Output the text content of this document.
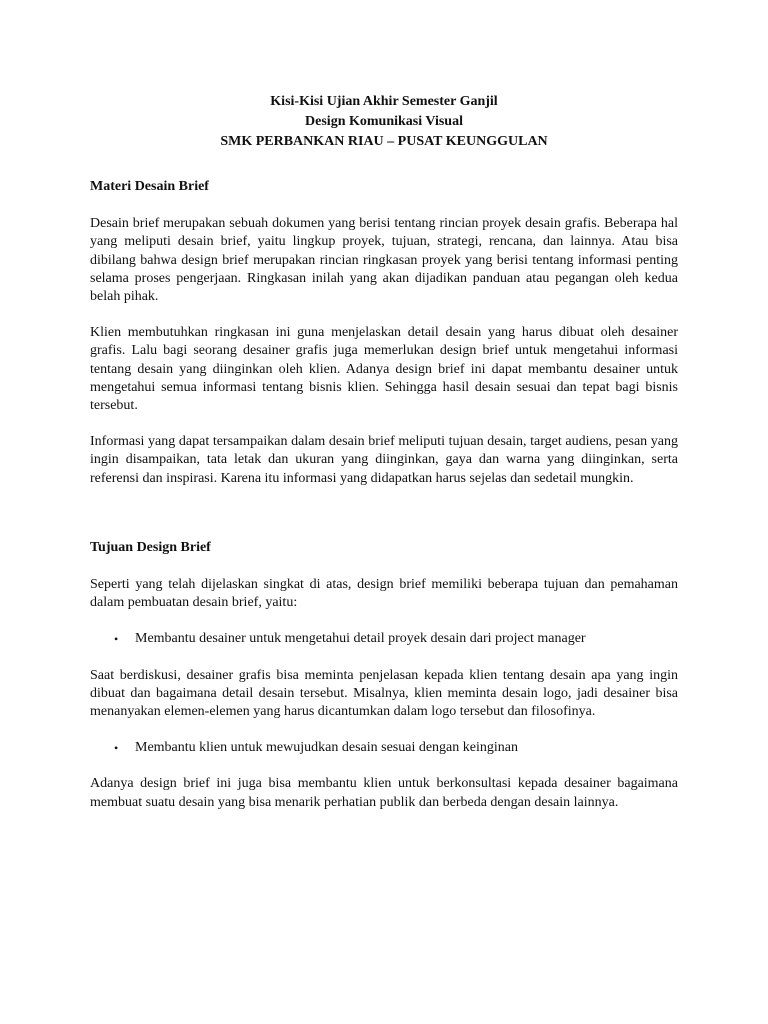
Kisi-Kisi Ujian Akhir Semester Ganjil
Design Komunikasi Visual
SMK PERBANKAN RIAU – PUSAT KEUNGGULAN
Materi Desain Brief

Desain brief merupakan sebuah dokumen yang berisi tentang rincian proyek desain grafis. Beberapa hal yang meliputi desain brief, yaitu lingkup proyek, tujuan, strategi, rencana, dan lainnya. Atau bisa dibilang bahwa design brief merupakan rincian ringkasan proyek yang berisi tentang informasi penting selama proses pengerjaan. Ringkasan inilah yang akan dijadikan panduan atau pegangan oleh kedua belah pihak.

Klien membutuhkan ringkasan ini guna menjelaskan detail desain yang harus dibuat oleh desainer grafis. Lalu bagi seorang desainer grafis juga memerlukan design brief untuk mengetahui informasi tentang desain yang diinginkan oleh klien. Adanya design brief ini dapat membantu desainer untuk mengetahui semua informasi tentang bisnis klien. Sehingga hasil desain sesuai dan tepat bagi bisnis tersebut.

Informasi yang dapat tersampaikan dalam desain brief meliputi tujuan desain, target audiens, pesan yang ingin disampaikan, tata letak dan ukuran yang diinginkan, gaya dan warna yang diinginkan, serta referensi dan inspirasi. Karena itu informasi yang didapatkan harus sejelas dan sedetail mungkin.

Tujuan Design Brief

Seperti yang telah dijelaskan singkat di atas, design brief memiliki beberapa tujuan dan pemahaman dalam pembuatan desain brief, yaitu:

•	Membantu desainer untuk mengetahui detail proyek desain dari project manager

Saat berdiskusi, desainer grafis bisa meminta penjelasan kepada klien tentang desain apa yang ingin dibuat dan bagaimana detail desain tersebut. Misalnya, klien meminta desain logo, jadi desainer bisa menanyakan elemen-elemen yang harus dicantumkan dalam logo tersebut dan filosofinya.

•	Membantu klien untuk mewujudkan desain sesuai dengan keinginan

Adanya design brief ini juga bisa membantu klien untuk berkonsultasi kepada desainer bagaimana membuat suatu desain yang bisa menarik perhatian publik dan berbeda dengan desain lainnya.
